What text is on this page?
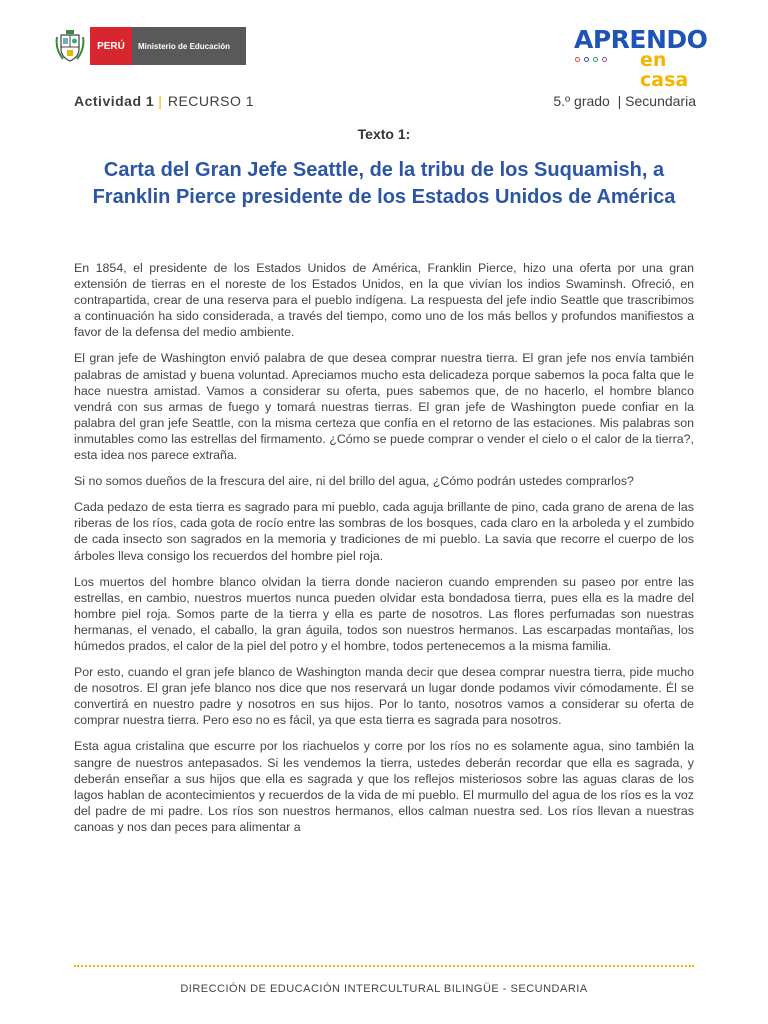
PERÚ	Ministerio de Educación	APRENDO
en casa
Actividad 1 | RECURSO 1	5.º grado | Secundaria
Texto 1:
Carta del Gran Jefe Seattle, de la tribu de los Suquamish, a Franklin Pierce presidente de los Estados Unidos de América

En 1854, el presidente de los Estados Unidos de América, Franklin Pierce, hizo una oferta por una gran extensión de tierras en el noreste de los Estados Unidos, en la que vivían los indios Swaminsh. Ofreció, en contrapartida, crear de una reserva para el pueblo indígena. La respuesta del jefe indio Seattle que trascribimos a continuación ha sido considerada, a través del tiempo, como uno de los más bellos y profundos manifiestos a favor de la defensa del medio ambiente.

El gran jefe de Washington envió palabra de que desea comprar nuestra tierra. El gran jefe nos envía también palabras de amistad y buena voluntad. Apreciamos mucho esta delicadeza porque sabemos la poca falta que le hace nuestra amistad. Vamos a considerar su oferta, pues sabemos que, de no hacerlo, el hombre blanco vendrá con sus armas de fuego y tomará nuestras tierras. El gran jefe de Washington puede confiar en la palabra del gran jefe Seattle, con la misma certeza que confía en el retorno de las estaciones. Mis palabras son inmutables como las estrellas del firmamento. ¿Cómo se puede comprar o vender el cielo o el calor de la tierra?, esta idea nos parece extraña.

Si no somos dueños de la frescura del aire, ni del brillo del agua, ¿Cómo podrán ustedes comprarlos?

Cada pedazo de esta tierra es sagrado para mi pueblo, cada aguja brillante de pino, cada grano de arena de las riberas de los ríos, cada gota de rocío entre las sombras de los bosques, cada claro en la arboleda y el zumbido de cada insecto son sagrados en la memoria y tradiciones de mi pueblo. La savia que recorre el cuerpo de los árboles lleva consigo los recuerdos del hombre piel roja.

Los muertos del hombre blanco olvidan la tierra donde nacieron cuando emprenden su paseo por entre las estrellas, en cambio, nuestros muertos nunca pueden olvidar esta bondadosa tierra, pues ella es la madre del hombre piel roja. Somos parte de la tierra y ella es parte de nosotros. Las flores perfumadas son nuestras hermanas, el venado, el caballo, la gran águila, todos son nuestros hermanos. Las escarpadas montañas, los húmedos prados, el calor de la piel del potro y el hombre, todos pertenecemos a la misma familia.

Por esto, cuando el gran jefe blanco de Washington manda decir que desea comprar nuestra tierra, pide mucho de nosotros. El gran jefe blanco nos dice que nos reservará un lugar donde podamos vivir cómodamente. Él se convertirá en nuestro padre y nosotros en sus hijos. Por lo tanto, nosotros vamos a considerar su oferta de comprar nuestra tierra. Pero eso no es fácil, ya que esta tierra es sagrada para nosotros.

Esta agua cristalina que escurre por los riachuelos y corre por los ríos no es solamente agua, sino también la sangre de nuestros antepasados. Si les vendemos la tierra, ustedes deberán recordar que ella es sagrada, y deberán enseñar a sus hijos que ella es sagrada y que los reflejos misteriosos sobre las aguas claras de los lagos hablan de acontecimientos y recuerdos de la vida de mi pueblo. El murmullo del agua de los ríos es la voz del padre de mi padre. Los ríos son nuestros hermanos, ellos calman nuestra sed. Los ríos llevan a nuestras canoas y nos dan peces para alimentar a

DIRECCIÓN DE EDUCACIÓN INTERCULTURAL BILINGÜE - SECUNDARIA
